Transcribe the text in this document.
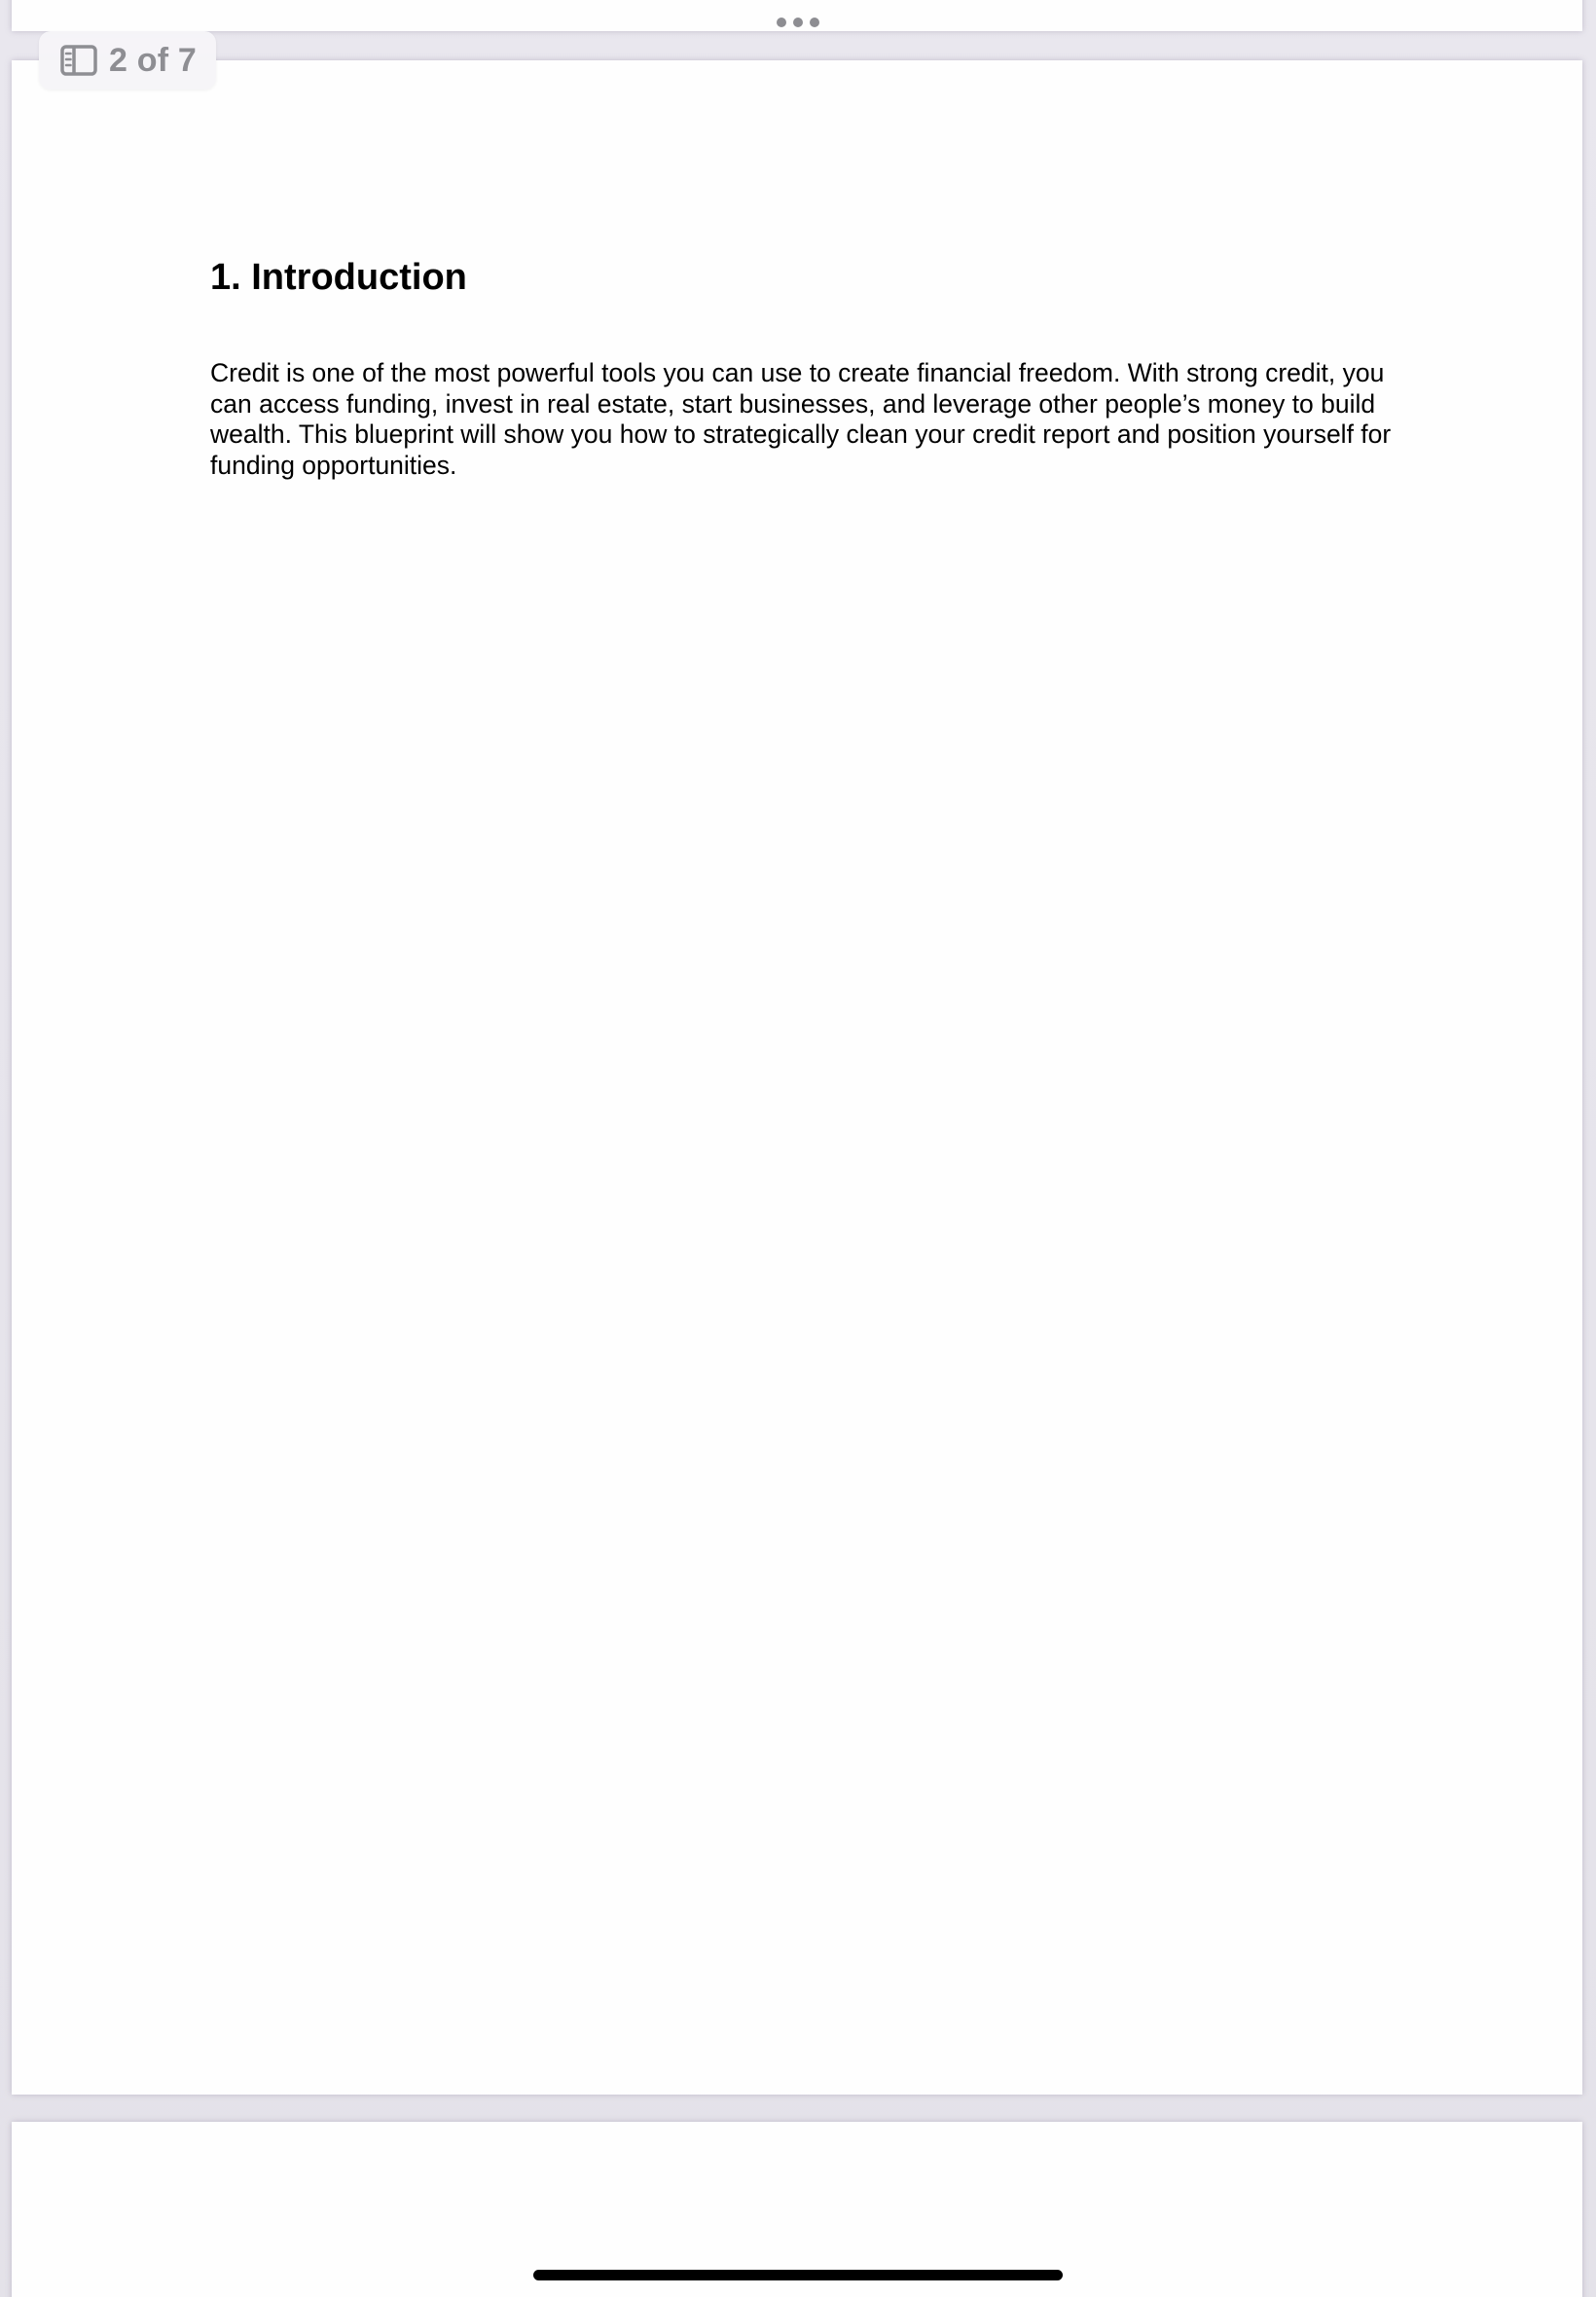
1. Introduction

Credit is one of the most powerful tools you can use to create financial freedom. With strong credit, you can access funding, invest in real estate, start businesses, and leverage other people’s money to build wealth. This blueprint will show you how to strategically clean your credit report and position yourself for funding opportunities.

2 of 7
